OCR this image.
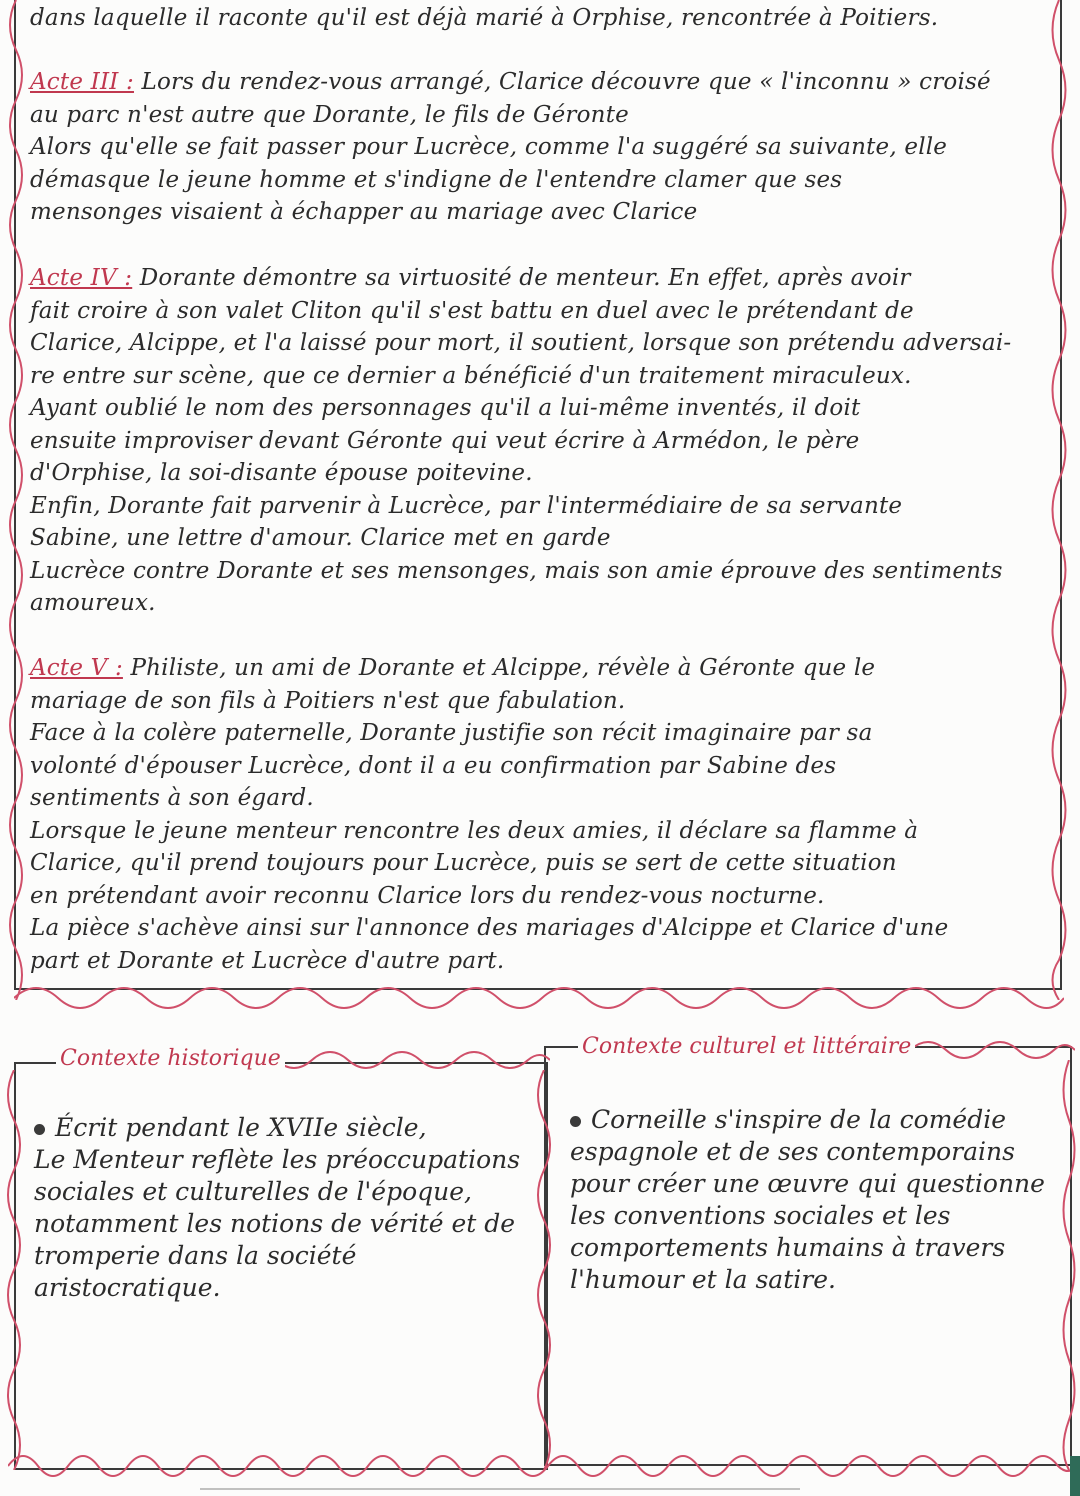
dans laquelle il raconte qu'il est déjà marié à Orphise, rencontrée à Poitiers.
Acte III : Lors du rendez-vous arrangé, Clarice découvre que « l'inconnu » croisé
au parc n'est autre que Dorante, le fils de Géronte
Alors qu'elle se fait passer pour Lucrèce, comme l'a suggéré sa suivante, elle
démasque le jeune homme et s'indigne de l'entendre clamer que ses
mensonges visaient à échapper au mariage avec Clarice
Acte IV : Dorante démontre sa virtuosité de menteur. En effet, après avoir
fait croire à son valet Cliton qu'il s'est battu en duel avec le prétendant de
Clarice, Alcippe, et l'a laissé pour mort, il soutient, lorsque son prétendu adversai-
re entre sur scène, que ce dernier a bénéficié d'un traitement miraculeux.
Ayant oublié le nom des personnages qu'il a lui-même inventés, il doit
ensuite improviser devant Géronte qui veut écrire à Armédon, le père
d'Orphise, la soi-disante épouse poitevine.
Enfin, Dorante fait parvenir à Lucrèce, par l'intermédiaire de sa servante
Sabine, une lettre d'amour. Clarice met en garde
Lucrèce contre Dorante et ses mensonges, mais son amie éprouve des sentiments
amoureux.
Acte V : Philiste, un ami de Dorante et Alcippe, révèle à Géronte que le
mariage de son fils à Poitiers n'est que fabulation.
Face à la colère paternelle, Dorante justifie son récit imaginaire par sa
volonté d'épouser Lucrèce, dont il a eu confirmation par Sabine des
sentiments à son égard.
Lorsque le jeune menteur rencontre les deux amies, il déclare sa flamme à
Clarice, qu'il prend toujours pour Lucrèce, puis se sert de cette situation
en prétendant avoir reconnu Clarice lors du rendez-vous nocturne.
La pièce s'achève ainsi sur l'annonce des mariages d'Alcippe et Clarice d'une
part et Dorante et Lucrèce d'autre part.
Contexte historique	Contexte culturel et littéraire
Écrit pendant le XVIIe siècle,
Le Menteur reflète les préoccupations
sociales et culturelles de l'époque,
notamment les notions de vérité et de
tromperie dans la société
aristocratique.
Corneille s'inspire de la comédie
espagnole et de ses contemporains
pour créer une œuvre qui questionne
les conventions sociales et les
comportements humains à travers
l'humour et la satire.
